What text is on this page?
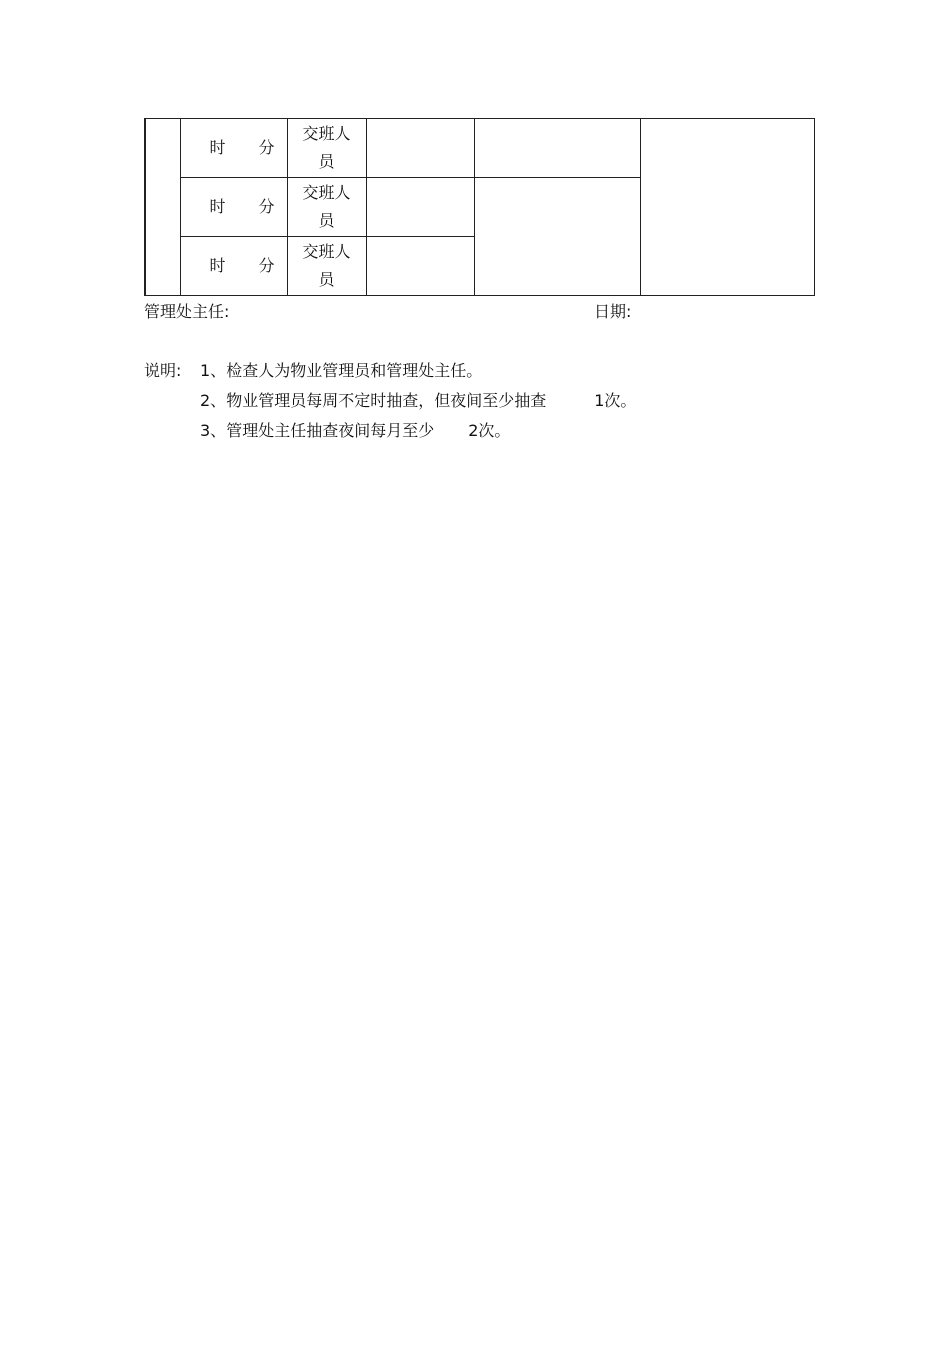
	时 分	交班人员			

	时 分	交班人员			

	时 分	交班人员			

管理处主任:	日期:
说明:	1、 检查人为物业管理员和管理处主任。
2、 物业管理员每周不定时抽查，但夜间至少抽查	1 次。
3、 管理处主任抽查夜间每月至少 2 次。
